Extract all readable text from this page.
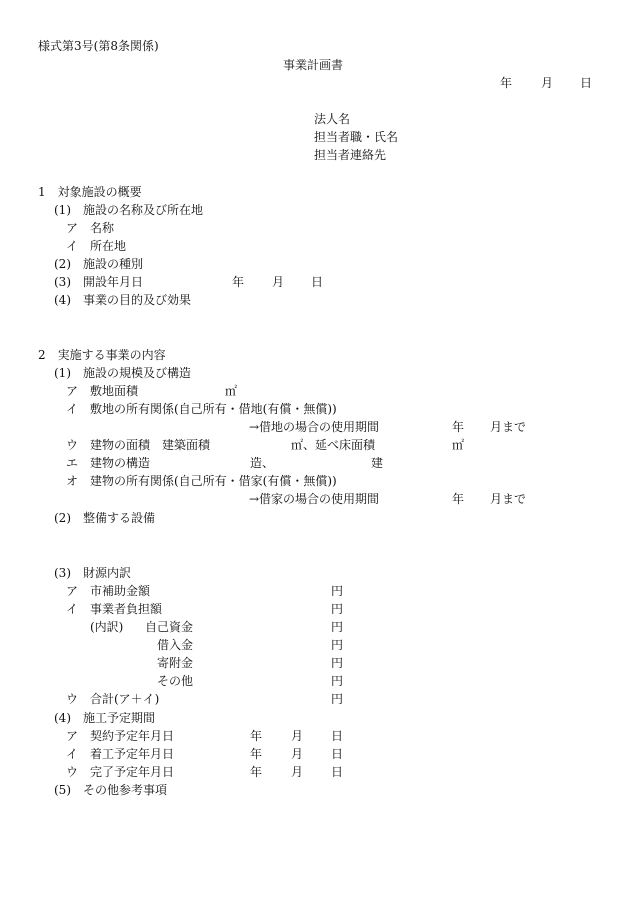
様式第3号(第8条関係)
事業計画書
年 月 日
法人名
担当者職・氏名
担当者連絡先
1　対象施設の概要
(1)　施設の名称及び所在地
ア　名称
イ　所在地
(2)　施設の種別
(3)　開設年月日	年 月 日
(4)　事業の目的及び効果
2　実施する事業の内容
(1)　施設の規模及び構造
ア　敷地面積	㎡
イ　敷地の所有関係(自己所有・借地(有償・無償))
→借地の場合の使用期間	年 月まで
ウ　建物の面積　建築面積	㎡、延べ床面積	㎡
エ　建物の構造	造、	建
オ　建物の所有関係(自己所有・借家(有償・無償))
→借家の場合の使用期間	年 月まで
(2)　整備する設備
(3)　財源内訳
ア　市補助金額	円
イ　事業者負担額	円
(内訳) 自己資金	円
借入金	円
寄附金	円
その他	円
ウ　合計(ア＋イ)	円
(4)　施工予定期間
ア　契約予定年月日	年 月 日
イ　着工予定年月日	年 月 日
ウ　完了予定年月日	年 月 日
(5)　その他参考事項
